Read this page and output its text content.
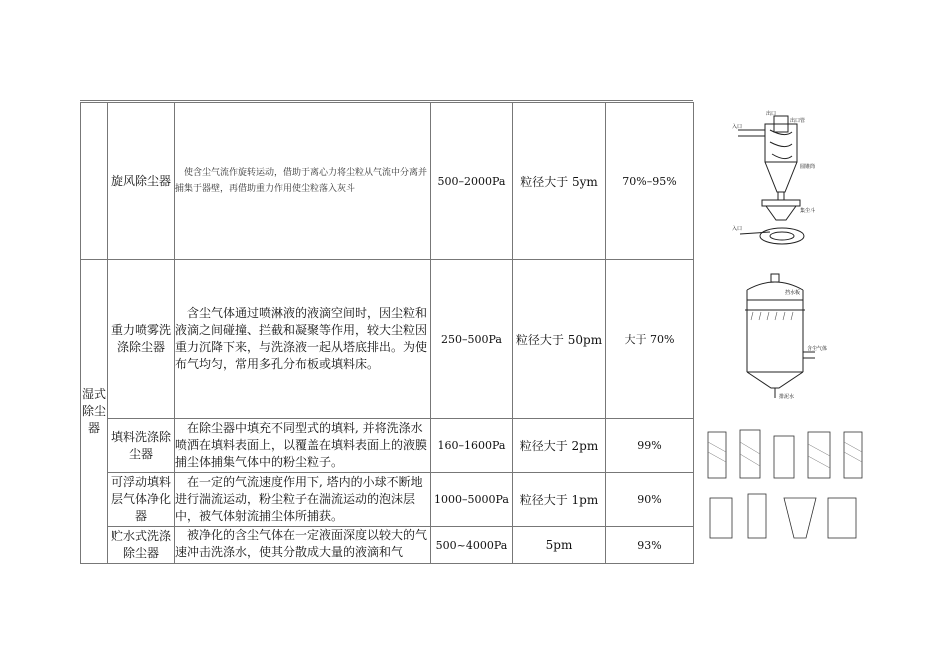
	旋风除尘器	使含尘气流作旋转运动，借助于离心力将尘粒从气流中分离并捕集于器壁，再借助重力作用使尘粒落入灰斗	500–2000Pa	粒径大于 5ym	70%–95%
湿式除尘器	重力喷雾洗涤除尘器	含尘气体通过喷淋液的液滴空间时，因尘粒和液滴之间碰撞、拦截和凝聚等作用，较大尘粒因重力沉降下来，与洗涤液一起从塔底排出。为使布气均匀，常用多孔分布板或填料床。	250–500Pa	粒径大于 50pm	大于 70%
	填料洗涤除尘器	在除尘器中填充不同型式的填料, 并将洗涤水喷洒在填料表面上，以覆盖在填料表面上的液膜捕尘体捕集气体中的粉尘粒子。	160–1600Pa	粒径大于 2pm	99%
	可浮动填料层气体净化器	在一定的气流速度作用下, 塔内的小球不断地进行湍流运动，粉尘粒子在湍流运动的泡沫层中，被气体射流捕尘体所捕获。	1000–5000Pa	粒径大于 1pm	90%
	贮水式洗涤除尘器	被净化的含尘气体在一定液面深度以较大的气速冲击洗涤水，使其分散成大量的液滴和气	500~4000Pa	5pm	93%
出口
出口管
圆锥筒
集尘斗
入口
入口
挡水板
含尘气体
排泥水
